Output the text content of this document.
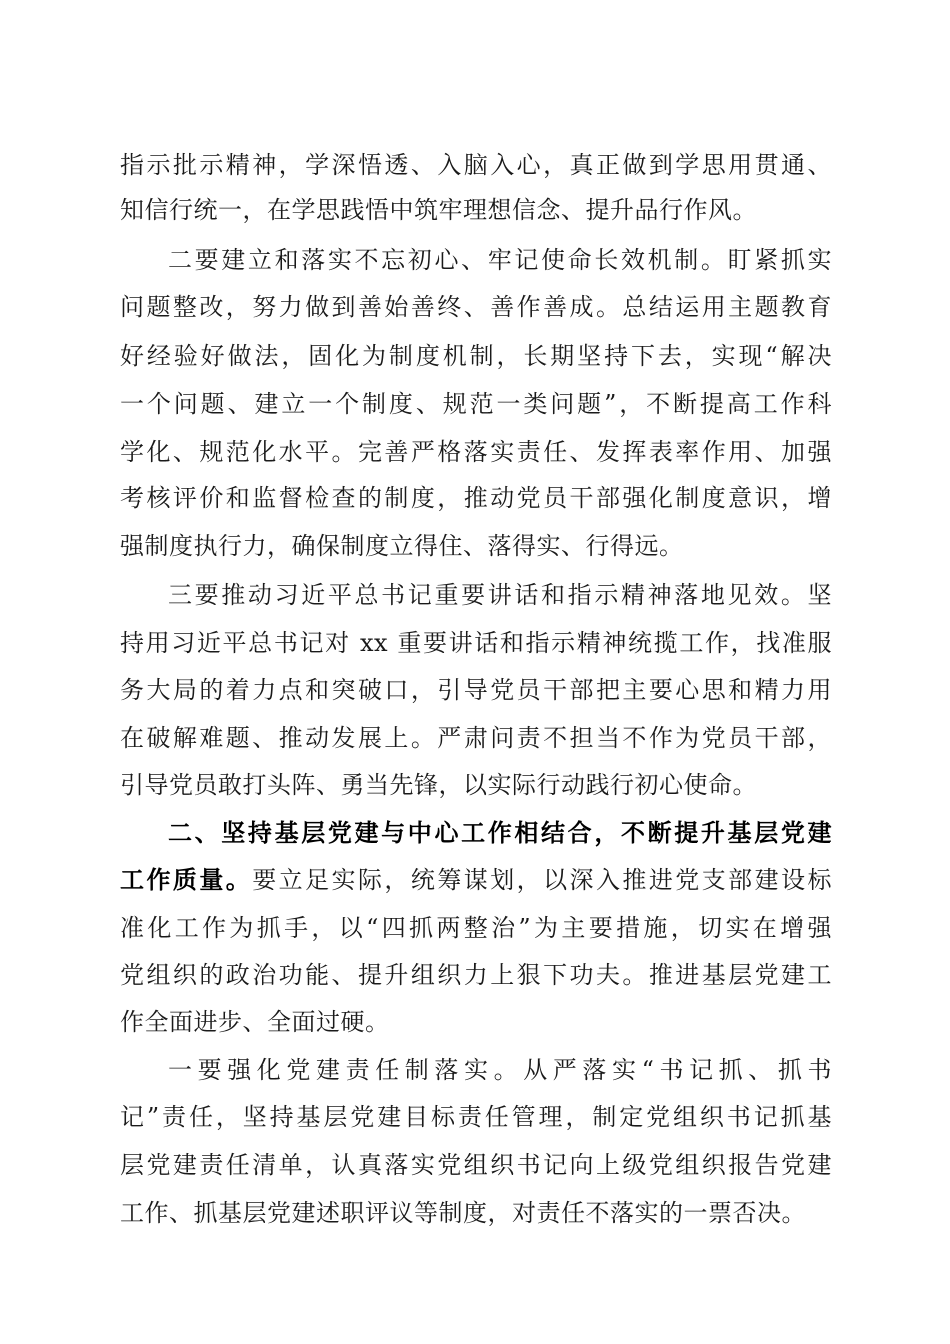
指示批示精神，学深悟透、入脑入心，真正做到学思用贯通、
知信行统一，在学思践悟中筑牢理想信念、提升品行作风。
二要建立和落实不忘初心、牢记使命长效机制。盯紧抓实
问题整改，努力做到善始善终、善作善成。总结运用主题教育
好经验好做法，固化为制度机制，长期坚持下去，实现“解决
一个问题、建立一个制度、规范一类问题”，不断提高工作科
学化、规范化水平。完善严格落实责任、发挥表率作用、加强
考核评价和监督检查的制度，推动党员干部强化制度意识，增
强制度执行力，确保制度立得住、落得实、行得远。
三要推动习近平总书记重要讲话和指示精神落地见效。坚
持用习近平总书记对 xx 重要讲话和指示精神统揽工作，找准服
务大局的着力点和突破口，引导党员干部把主要心思和精力用
在破解难题、推动发展上。严肃问责不担当不作为党员干部，
引导党员敢打头阵、勇当先锋，以实际行动践行初心使命。
二、坚持基层党建与中心工作相结合，不断提升基层党建
工作质量。要立足实际，统筹谋划，以深入推进党支部建设标
准化工作为抓手，以“四抓两整治”为主要措施，切实在增强
党组织的政治功能、提升组织力上狠下功夫。推进基层党建工
作全面进步、全面过硬。
一要强化党建责任制落实。从严落实“书记抓、抓书
记”责任，坚持基层党建目标责任管理，制定党组织书记抓基
层党建责任清单，认真落实党组织书记向上级党组织报告党建
工作、抓基层党建述职评议等制度，对责任不落实的一票否决。
